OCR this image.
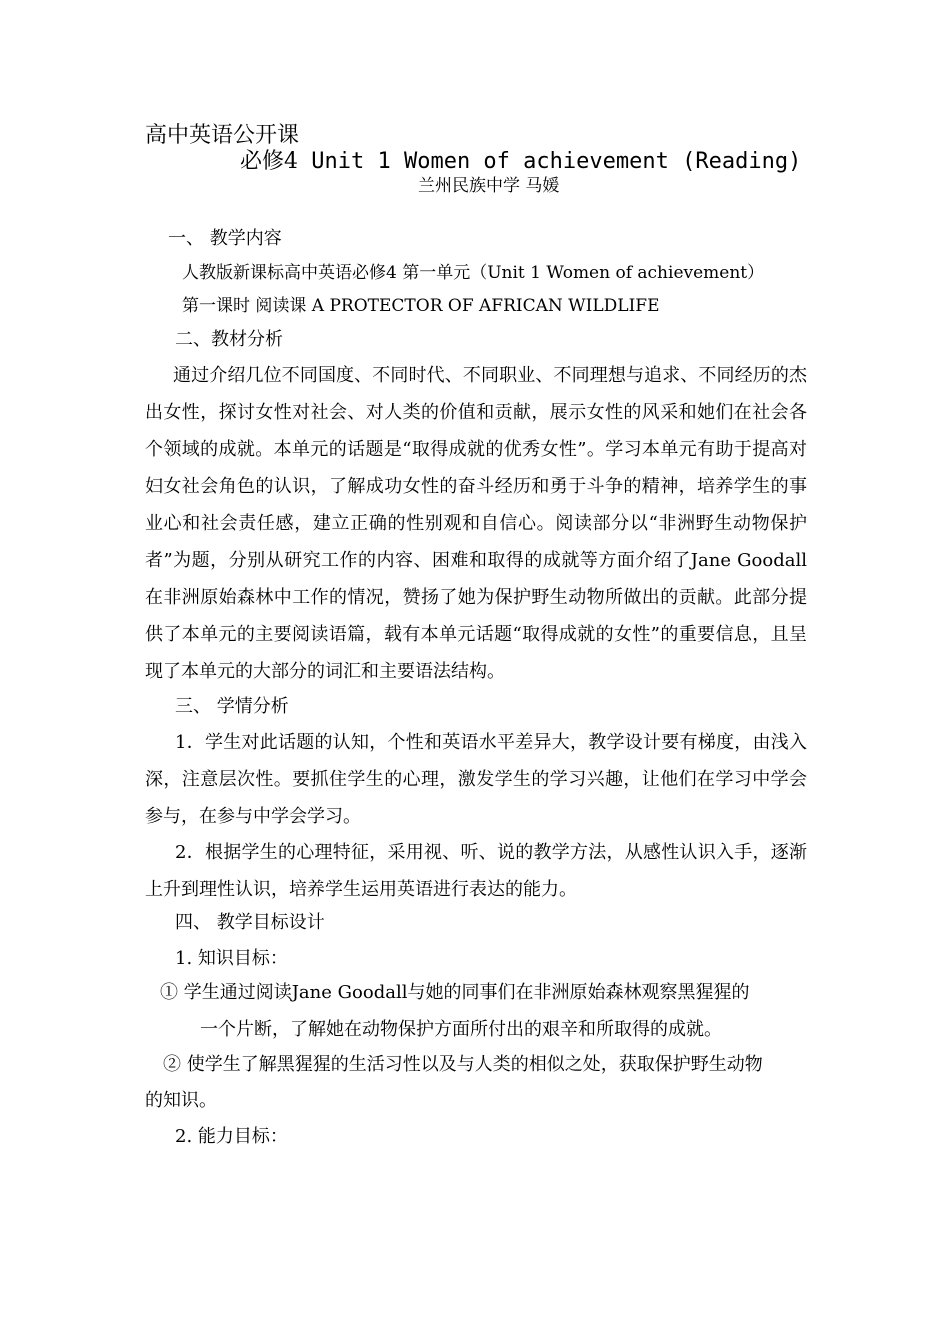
高中英语公开课
必修4 Unit 1 Women of achievement (Reading)
兰州民族中学 马媛
一、 教学内容
人教版新课标高中英语必修4 第一单元（Unit 1 Women of achievement）
第一课时 阅读课 A PROTECTOR OF AFRICAN WILDLIFE
二、教材分析
通过介绍几位不同国度、不同时代、不同职业、不同理想与追求、不同经历的杰出女性，探讨女性对社会、对人类的价值和贡献，展示女性的风采和她们在社会各个领域的成就。本单元的话题是“取得成就的优秀女性”。学习本单元有助于提高对妇女社会角色的认识，了解成功女性的奋斗经历和勇于斗争的精神，培养学生的事业心和社会责任感，建立正确的性别观和自信心。阅读部分以“非洲野生动物保护者”为题，分别从研究工作的内容、困难和取得的成就等方面介绍了Jane Goodall在非洲原始森林中工作的情况，赞扬了她为保护野生动物所做出的贡献。此部分提供了本单元的主要阅读语篇，载有本单元话题“取得成就的女性”的重要信息，且呈现了本单元的大部分的词汇和主要语法结构。
三、 学情分析
1．学生对此话题的认知，个性和英语水平差异大，教学设计要有梯度，由浅入深，注意层次性。要抓住学生的心理，激发学生的学习兴趣，让他们在学习中学会参与，在参与中学会学习。
2．根据学生的心理特征，采用视、听、说的教学方法，从感性认识入手，逐渐上升到理性认识，培养学生运用英语进行表达的能力。
四、 教学目标设计
1. 知识目标：
① 学生通过阅读Jane Goodall与她的同事们在非洲原始森林观察黑猩猩的
一个片断，了解她在动物保护方面所付出的艰辛和所取得的成就。
② 使学生了解黑猩猩的生活习性以及与人类的相似之处，获取保护野生动物
的知识。
2. 能力目标：
